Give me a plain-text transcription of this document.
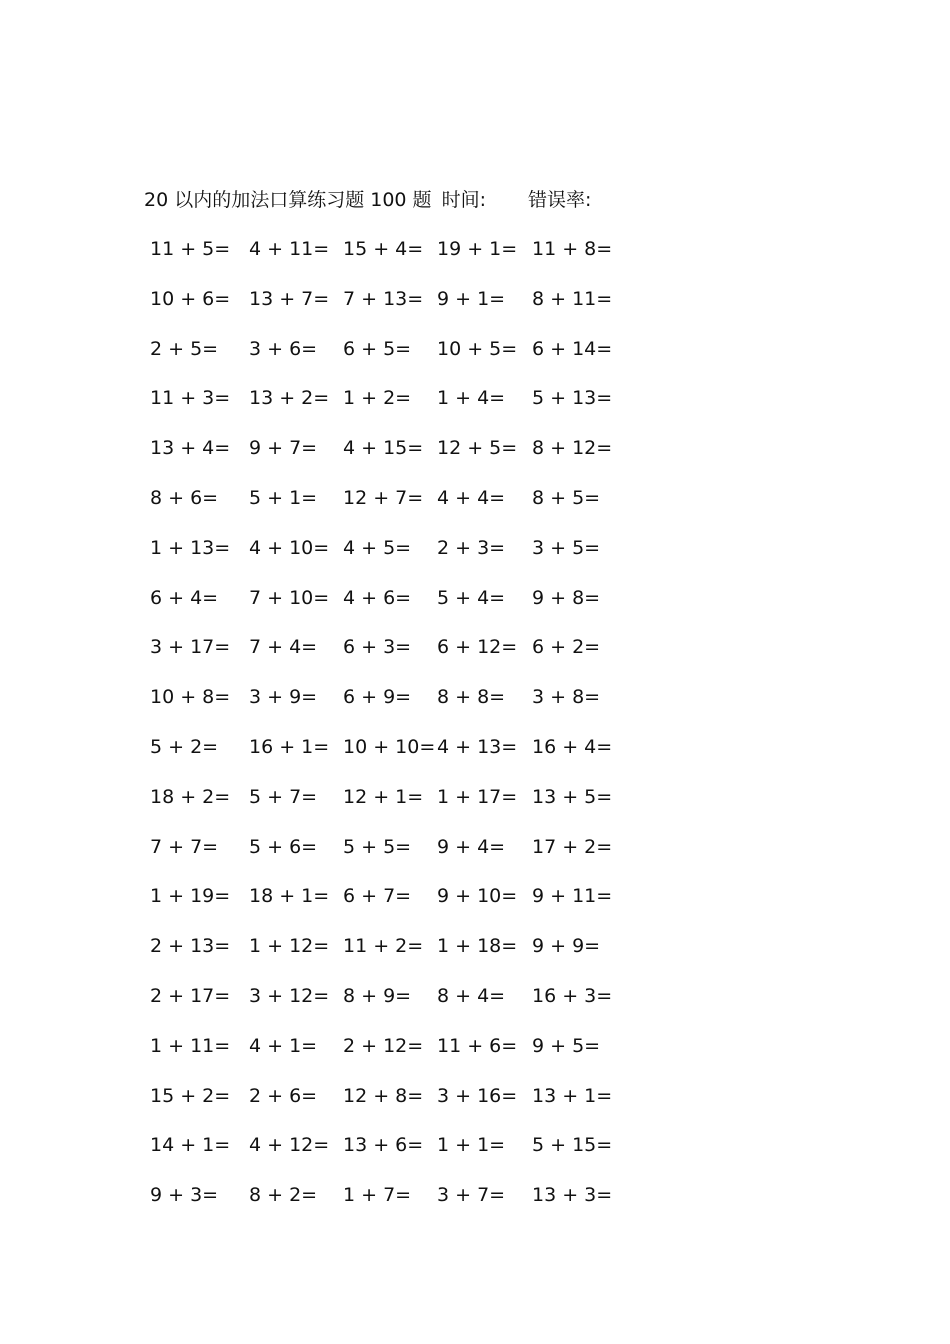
20 以内的加法口算练习题 100 题 时间: 错误率:
11 + 5= 4 + 11= 15 + 4= 19 + 1= 11 + 8=
10 + 6= 13 + 7= 7 + 13= 9 + 1= 8 + 11=
2 + 5= 3 + 6= 6 + 5= 10 + 5= 6 + 14=
11 + 3= 13 + 2= 1 + 2= 1 + 4= 5 + 13=
13 + 4= 9 + 7= 4 + 15= 12 + 5= 8 + 12=
8 + 6= 5 + 1= 12 + 7= 4 + 4= 8 + 5=
1 + 13= 4 + 10= 4 + 5= 2 + 3= 3 + 5=
6 + 4= 7 + 10= 4 + 6= 5 + 4= 9 + 8=
3 + 17= 7 + 4= 6 + 3= 6 + 12= 6 + 2=
10 + 8= 3 + 9= 6 + 9= 8 + 8= 3 + 8=
5 + 2= 16 + 1= 10 + 10= 4 + 13= 16 + 4=
18 + 2= 5 + 7= 12 + 1= 1 + 17= 13 + 5=
7 + 7= 5 + 6= 5 + 5= 9 + 4= 17 + 2=
1 + 19= 18 + 1= 6 + 7= 9 + 10= 9 + 11=
2 + 13= 1 + 12= 11 + 2= 1 + 18= 9 + 9=
2 + 17= 3 + 12= 8 + 9= 8 + 4= 16 + 3=
1 + 11= 4 + 1= 2 + 12= 11 + 6= 9 + 5=
15 + 2= 2 + 6= 12 + 8= 3 + 16= 13 + 1=
14 + 1= 4 + 12= 13 + 6= 1 + 1= 5 + 15=
9 + 3= 8 + 2= 1 + 7= 3 + 7= 13 + 3=
